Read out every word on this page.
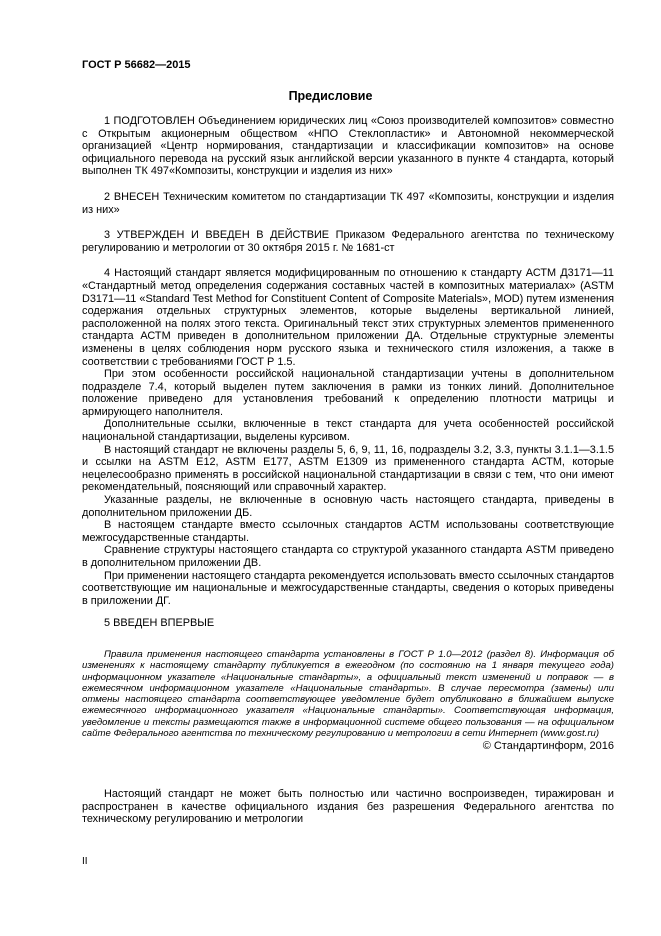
ГОСТ Р 56682—2015
Предисловие

1 ПОДГОТОВЛЕН Объединением юридических лиц «Союз производителей композитов» совместно с Открытым акционерным обществом «НПО Стеклопластик» и Автономной некоммерческой организацией «Центр нормирования, стандартизации и классификации композитов» на основе официального перевода на русский язык английской версии указанного в пункте 4 стандарта, который выполнен ТК 497«Композиты, конструкции и изделия из них»

2 ВНЕСЕН Техническим комитетом по стандартизации ТК 497 «Композиты, конструкции и изделия из них»

3 УТВЕРЖДЕН И ВВЕДЕН В ДЕЙСТВИЕ Приказом Федерального агентства по техническому регулированию и метрологии от 30 октября 2015 г. № 1681-ст

4 Настоящий стандарт является модифицированным по отношению к стандарту АСТМ Д3171—11 «Стандартный метод определения содержания составных частей в композитных материалах» (ASTM D3171—11 «Standard Test Method for Constituent Content of Composite Materials», MOD) путем изменения содержания отдельных структурных элементов, которые выделены вертикальной линией, расположенной на полях этого текста. Оригинальный текст этих структурных элементов примененного стандарта АСТМ приведен в дополнительном приложении ДА. Отдельные структурные элементы изменены в целях соблюдения норм русского языка и технического стиля изложения, а также в соответствии с требованиями ГОСТ Р 1.5.

При этом особенности российской национальной стандартизации учтены в дополнительном подразделе 7.4, который выделен путем заключения в рамки из тонких линий. Дополнительное положение приведено для установления требований к определению плотности матрицы и армирующего наполнителя.

Дополнительные ссылки, включенные в текст стандарта для учета особенностей российской национальной стандартизации, выделены курсивом.

В настоящий стандарт не включены разделы 5, 6, 9, 11, 16, подразделы 3.2, 3.3, пункты 3.1.1—3.1.5 и ссылки на ASTM E12, ASTM E177, ASTM E1309 из примененного стандарта АСТМ, которые нецелесообразно применять в российской национальной стандартизации в связи с тем, что они имеют рекомендательный, поясняющий или справочный характер.

Указанные разделы, не включенные в основную часть настоящего стандарта, приведены в дополнительном приложении ДБ.

В настоящем стандарте вместо ссылочных стандартов АСТМ использованы соответствующие межгосударственные стандарты.

Сравнение структуры настоящего стандарта со структурой указанного стандарта ASTM приведено в дополнительном приложении ДВ.

При применении настоящего стандарта рекомендуется использовать вместо ссылочных стандартов соответствующие им национальные и межгосударственные стандарты, сведения о которых приведены в приложении ДГ.

5 ВВЕДЕН ВПЕРВЫЕ

Правила применения настоящего стандарта установлены в ГОСТ Р 1.0—2012 (раздел 8). Информация об изменениях к настоящему стандарту публикуется в ежегодном (по состоянию на 1 января текущего года) информационном указателе «Национальные стандарты», а официальный текст изменений и поправок — в ежемесячном информационном указателе «Национальные стандарты». В случае пересмотра (замены) или отмены настоящего стандарта соответствующее уведомление будет опубликовано в ближайшем выпуске ежемесячного информационного указателя «Национальные стандарты». Соответствующая информация, уведомление и тексты размещаются также в информационной системе общего пользования — на официальном сайте Федерального агентства по техническому регулированию и метрологии в сети Интернет (www.gost.ru)

© Стандартинформ, 2016

Настоящий стандарт не может быть полностью или частично воспроизведен, тиражирован и распространен в качестве официального издания без разрешения Федерального агентства по техническому регулированию и метрологии

II
